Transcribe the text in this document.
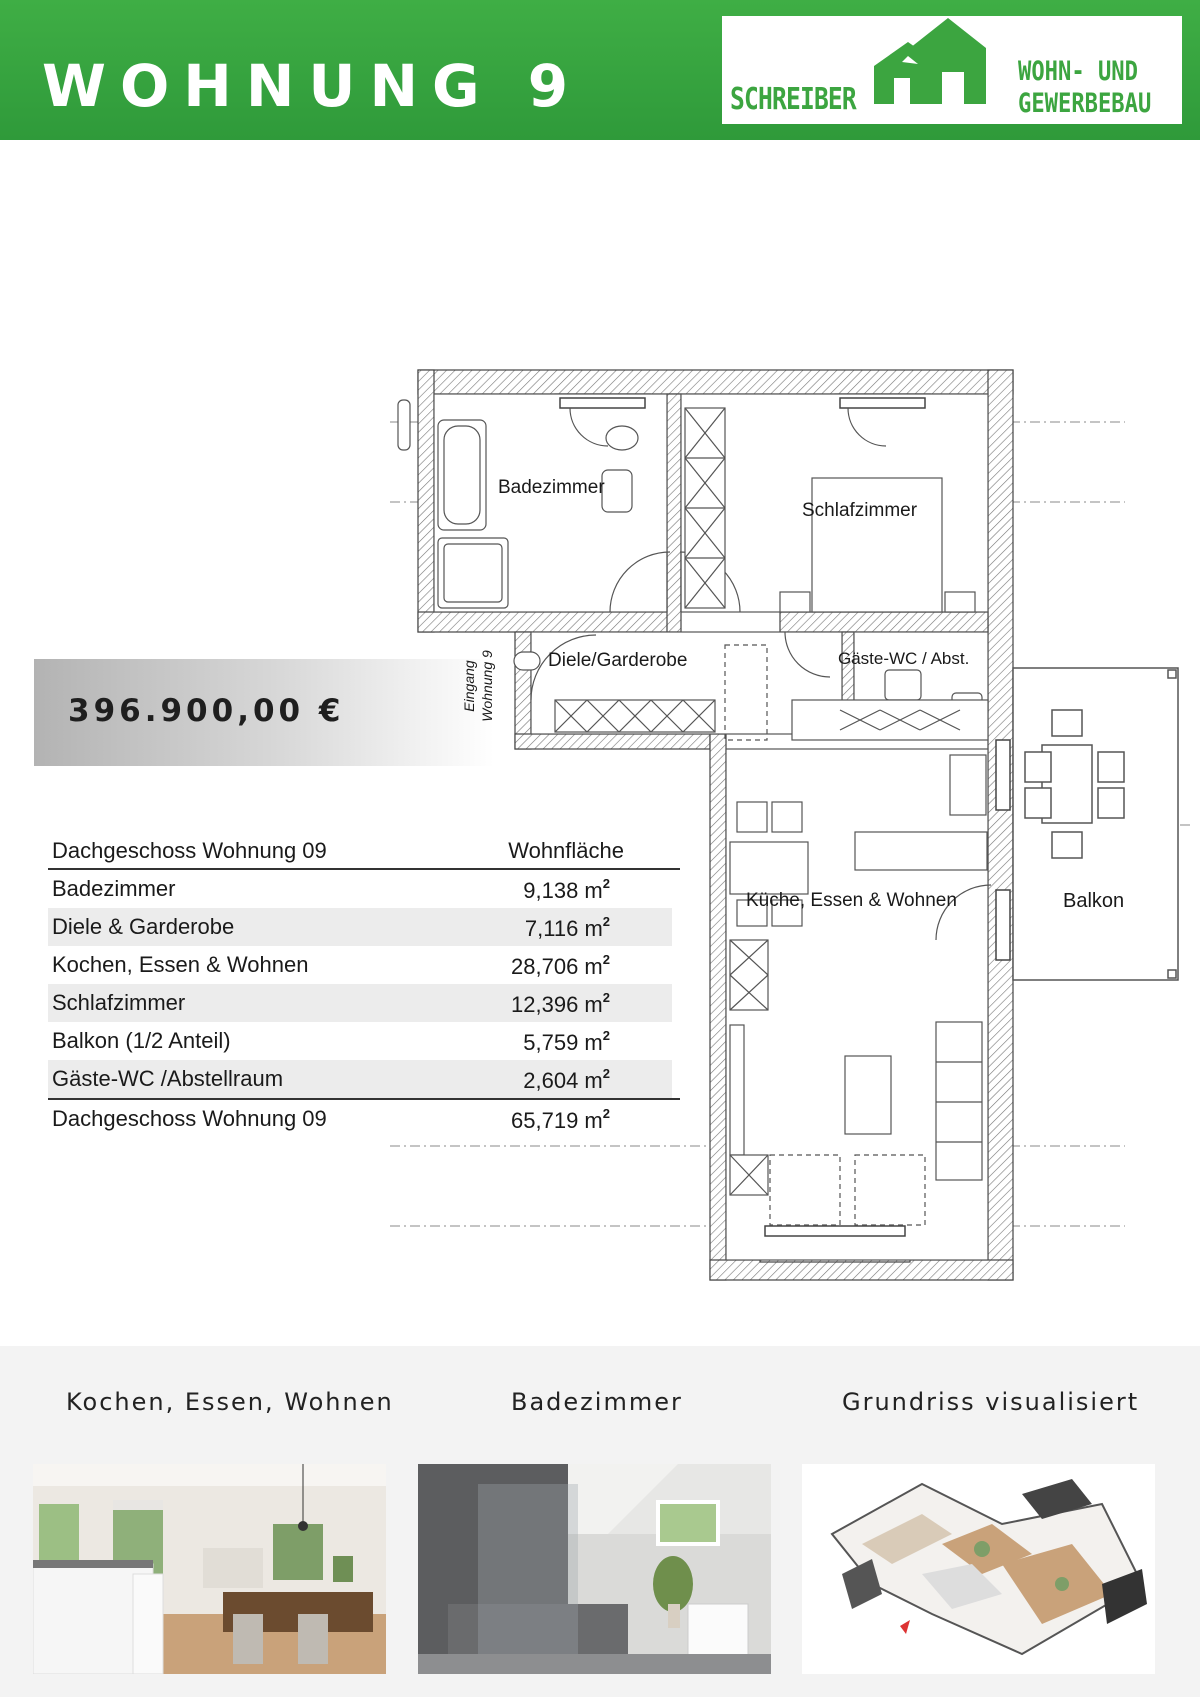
WOHNUNG 9	SCHREIBER
WOHN- UND
GEWERBEBAU
396.900,00 €
Dachgeschoss Wohnung 09	Wohnfläche
Badezimmer	9,138 $m^2$
Diele & Garderobe	7,116 $m^2$
Kochen, Essen & Wohnen	28,706 $m^2$
Schlafzimmer	12,396 $m^2$
Balkon (1/2 Anteil)	5,759 $m^2$
Gäste-WC /Abstellraum	2,604 $m^2$
Dachgeschoss Wohnung 09	65,719 $m^2$
Badezimmer
Schlafzimmer
Diele/Garderobe	Gäste-WC / Abst.
Küche, Essen & Wohnen	Balkon
Eingang Wohnung 9
Kochen, Essen, Wohnen	Badezimmer	Grundriss visualisiert
